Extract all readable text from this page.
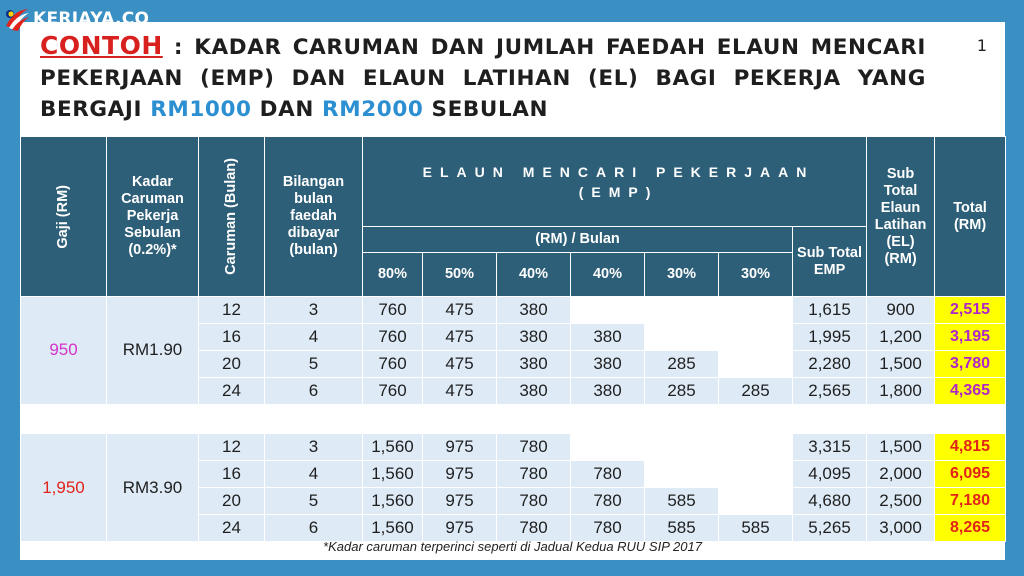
KERJAYA.CO
CONTOH : KADAR CARUMAN DAN JUMLAH FAEDAH ELAUN MENCARI PEKERJAAN (EMP) DAN ELAUN LATIHAN (EL) BAGI PEKERJA YANG BERGAJI RM1000 DAN RM2000 SEBULAN
1
Gaji (RM)	Kadar Caruman Pekerja Sebulan (0.2%)*	Caruman (Bulan)	Bilangan bulan faedah dibayar (bulan)	ELAUN MENCARI PEKERJAAN
(EMP)							Sub Total Elaun Latihan (EL) (RM)	Total (RM)
				(RM) / Bulan						Sub Total EMP		
				80%	50%	40%	40%	30%	30%			
950	RM1.90	12	3	760	475	380				1,615	900	2,515
		16	4	760	475	380	380			1,995	1,200	3,195
		20	5	760	475	380	380	285		2,280	1,500	3,780
		24	6	760	475	380	380	285	285	2,565	1,800	4,365

1,950	RM3.90	12	3	1,560	975	780				3,315	1,500	4,815
		16	4	1,560	975	780	780			4,095	2,000	6,095
		20	5	1,560	975	780	780	585		4,680	2,500	7,180
		24	6	1,560	975	780	780	585	585	5,265	3,000	8,265
*Kadar caruman terperinci seperti di Jadual Kedua RUU SIP 2017
